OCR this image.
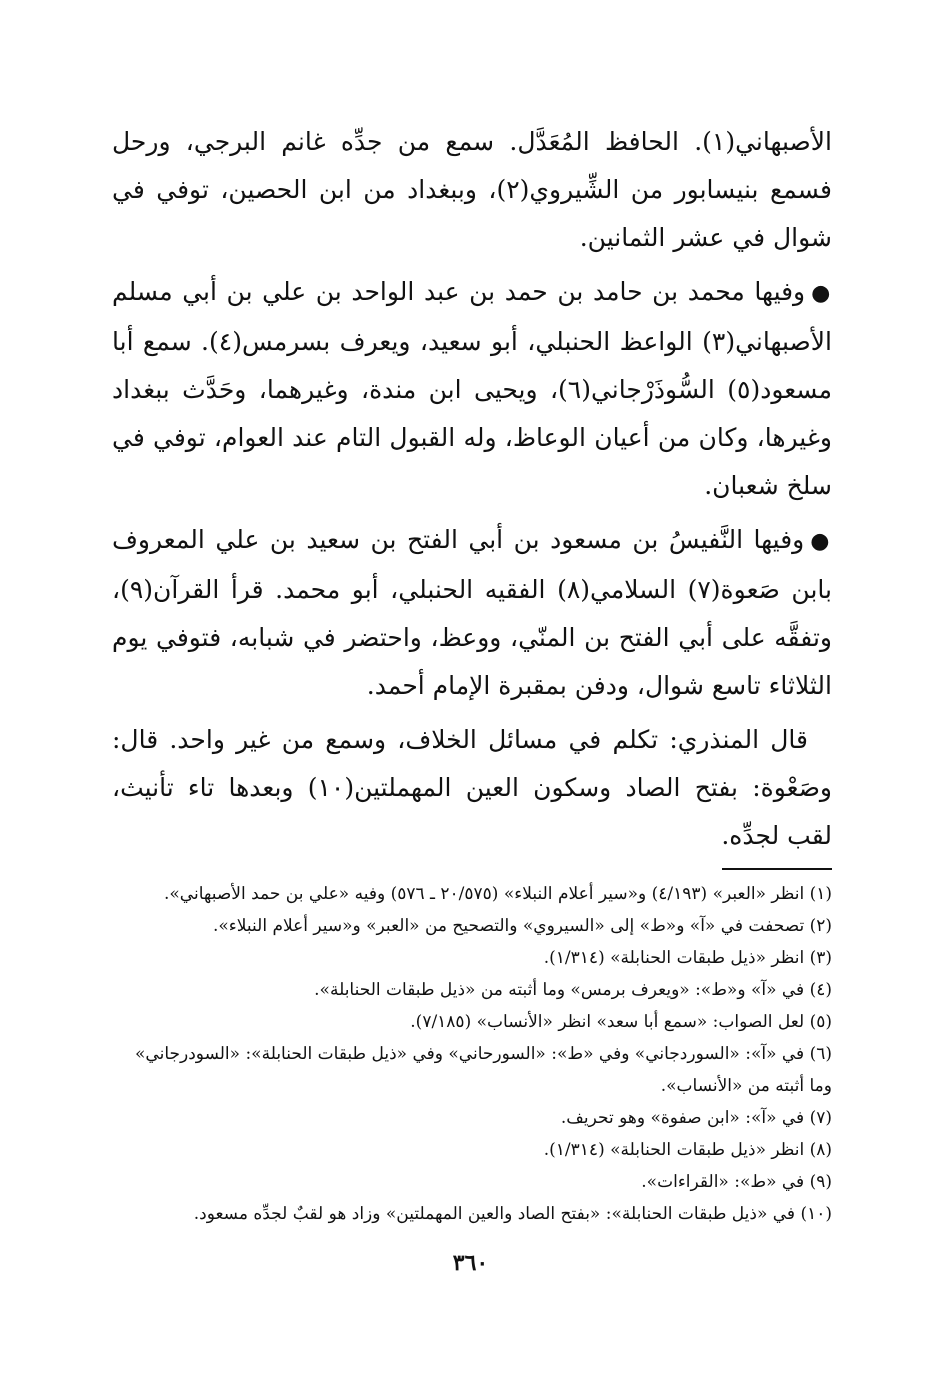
الأصبهاني(١). الحافظ المُعَدَّل. سمع من جدِّه غانم البرجي، ورحل فسمع بنيسابور من الشِّيروي(٢)، وببغداد من ابن الحصين، توفي في شوال في عشر الثمانين.

●وفيها محمد بن حامد بن حمد بن عبد الواحد بن علي بن أبي مسلم الأصبهاني(٣) الواعظ الحنبلي، أبو سعيد، ويعرف بسرمس(٤). سمع أبا مسعود(٥) السُّوذَرْجاني(٦)، ويحيى ابن مندة، وغيرهما، وحَدَّث ببغداد وغيرها، وكان من أعيان الوعاظ، وله القبول التام عند العوام، توفي في سلخ شعبان.

●وفيها النَّفيسُ بن مسعود بن أبي الفتح بن سعيد بن علي المعروف بابن صَعوة(٧) السلامي(٨) الفقيه الحنبلي، أبو محمد. قرأ القرآن(٩)، وتفقَّه على أبي الفتح بن المنّي، ووعظ، واحتضر في شبابه، فتوفي يوم الثلاثاء تاسع شوال، ودفن بمقبرة الإمام أحمد.

قال المنذري: تكلم في مسائل الخلاف، وسمع من غير واحد. قال: وصَعْوة: بفتح الصاد وسكون العين المهملتين(١٠) وبعدها تاء تأنيث، لقب لجدِّه.

(١) انظر «العبر» (٤/١٩٣) و«سير أعلام النبلاء» (٢٠/٥٧٥ ـ ٥٧٦) وفيه «علي بن حمد الأصبهاني».

(٢) تصحفت في «آ» و«ط» إلى «السيروي» والتصحيح من «العبر» و«سير أعلام النبلاء».

(٣) انظر «ذيل طبقات الحنابلة» (١/٣١٤).

(٤) في «آ» و«ط»: «ويعرف برمس» وما أثبته من «ذيل طبقات الحنابلة».

(٥) لعل الصواب: «سمع أبا سعد» انظر «الأنساب» (٧/١٨٥).

(٦) في «آ»: «السوردجاني» وفي «ط»: «السورحاني» وفي «ذيل طبقات الحنابلة»: «السودرجاني» وما أثبته من «الأنساب».

(٧) في «آ»: «ابن صفوة» وهو تحريف.

(٨) انظر «ذيل طبقات الحنابلة» (١/٣١٤).

(٩) في «ط»: «القراءات».

(١٠) في «ذيل طبقات الحنابلة»: «بفتح الصاد والعين المهملتين» وزاد هو لقبٌ لجدِّه مسعود.

٣٦٠
